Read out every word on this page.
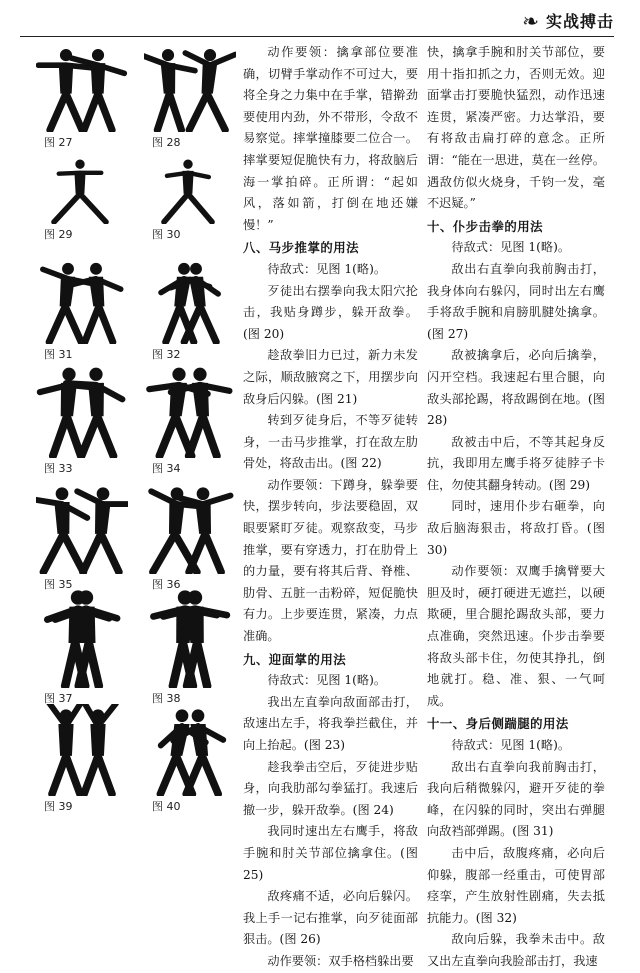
❧ 实战搏击
图 27	图 28
图 29	图 30
图 31	图 32
图 33	图 34
图 35	图 36
图 37	图 38
图 39	图 40

动作要领：擒拿部位要准确，切臂手掌动作不可过大，要将全身之力集中在手掌，错擀劲要使用内劲，外不带形，令敌不易察觉。摔掌撞膝要二位合一。摔掌要短促脆快有力，将敌脑后海一掌拍碎。正所谓：“起如风，落如箭，打倒在地还嫌慢！”

八、马步推掌的用法

待敌式：见图 1(略)。

歹徒出右摆拳向我太阳穴抡击，我贴身蹲步，躲开敌拳。(图 20)

趁敌拳旧力已过，新力未发之际，顺敌腋窝之下，用摆步向敌身后闪躲。(图 21)

转到歹徒身后，不等歹徒转身，一击马步推掌，打在敌左肋骨处，将敌击出。(图 22)

动作要领：下蹲身，躲拳要快，摆步转向，步法要稳固，双眼要紧盯歹徒。观察敌变，马步推掌，要有穿透力，打在肋骨上的力量，要有将其后背、脊椎、肋骨、五脏一击粉碎，短促脆快有力。上步要连贯，紧凑，力点准确。

九、迎面掌的用法

待敌式：见图 1(略)。

我出左直拳向敌面部击打，敌速出左手，将我拳拦截住，并向上抬起。(图 23)

趁我拳击空后，歹徒进步贴身，向我肋部勾拳猛打。我速后撤一步，躲开敌拳。(图 24)

我同时速出左右鹰手，将敌手腕和肘关节部位擒拿住。(图 25)

敌疼痛不适，必向后躲闪。我上手一记右推掌，向歹徒面部狠击。(图 26)

动作要领：双手格档躲出要

快，擒拿手腕和肘关节部位，要用十指扣抓之力，否则无效。迎面掌击打要脆快猛烈，动作迅速连贯，紧凑严密。力达掌沿，要有将敌击扁打碎的意念。正所谓：“能在一思进，莫在一丝停。遇敌仿似火烧身，千钧一发，毫不迟疑。”

十、仆步击拳的用法

待敌式：见图 1(略)。

敌出右直拳向我前胸击打，我身体向右躲闪，同时出左右鹰手将敌手腕和肩膀肌腱处擒拿。(图 27)

敌被擒拿后，必向后擒拳，闪开空档。我速起右里合腿，向敌头部抡踢，将敌踢倒在地。(图 28)

敌被击中后，不等其起身反抗，我即用左鹰手将歹徒脖子卡住，勿使其翻身转动。(图 29)

同时，速用仆步右砸拳，向敌后脑海狠击，将敌打昏。(图 30)

动作要领：双鹰手擒臂要大胆及时，硬打硬进无遮拦，以硬欺硬，里合腿抡踢敌头部，要力点准确，突然迅速。仆步击拳要将敌头部卡住，勿使其挣扎，倒地就打。稳、准、狠、一气呵成。

十一、身后侧踹腿的用法

待敌式：见图 1(略)。

敌出右直拳向我前胸击打，我向后稍微躲闪，避开歹徒的拳峰，在闪躲的同时，突出右弹腿向敌裆部弹踢。(图 31)

击中后，敌腹疼痛，必向后仰躲，腹部一经重击，可使胃部痉挛，产生放射性剧痛，失去抵抗能力。(图 32)

敌向后躲，我拳未击中。敌又出左直拳向我脸部击打，我速
